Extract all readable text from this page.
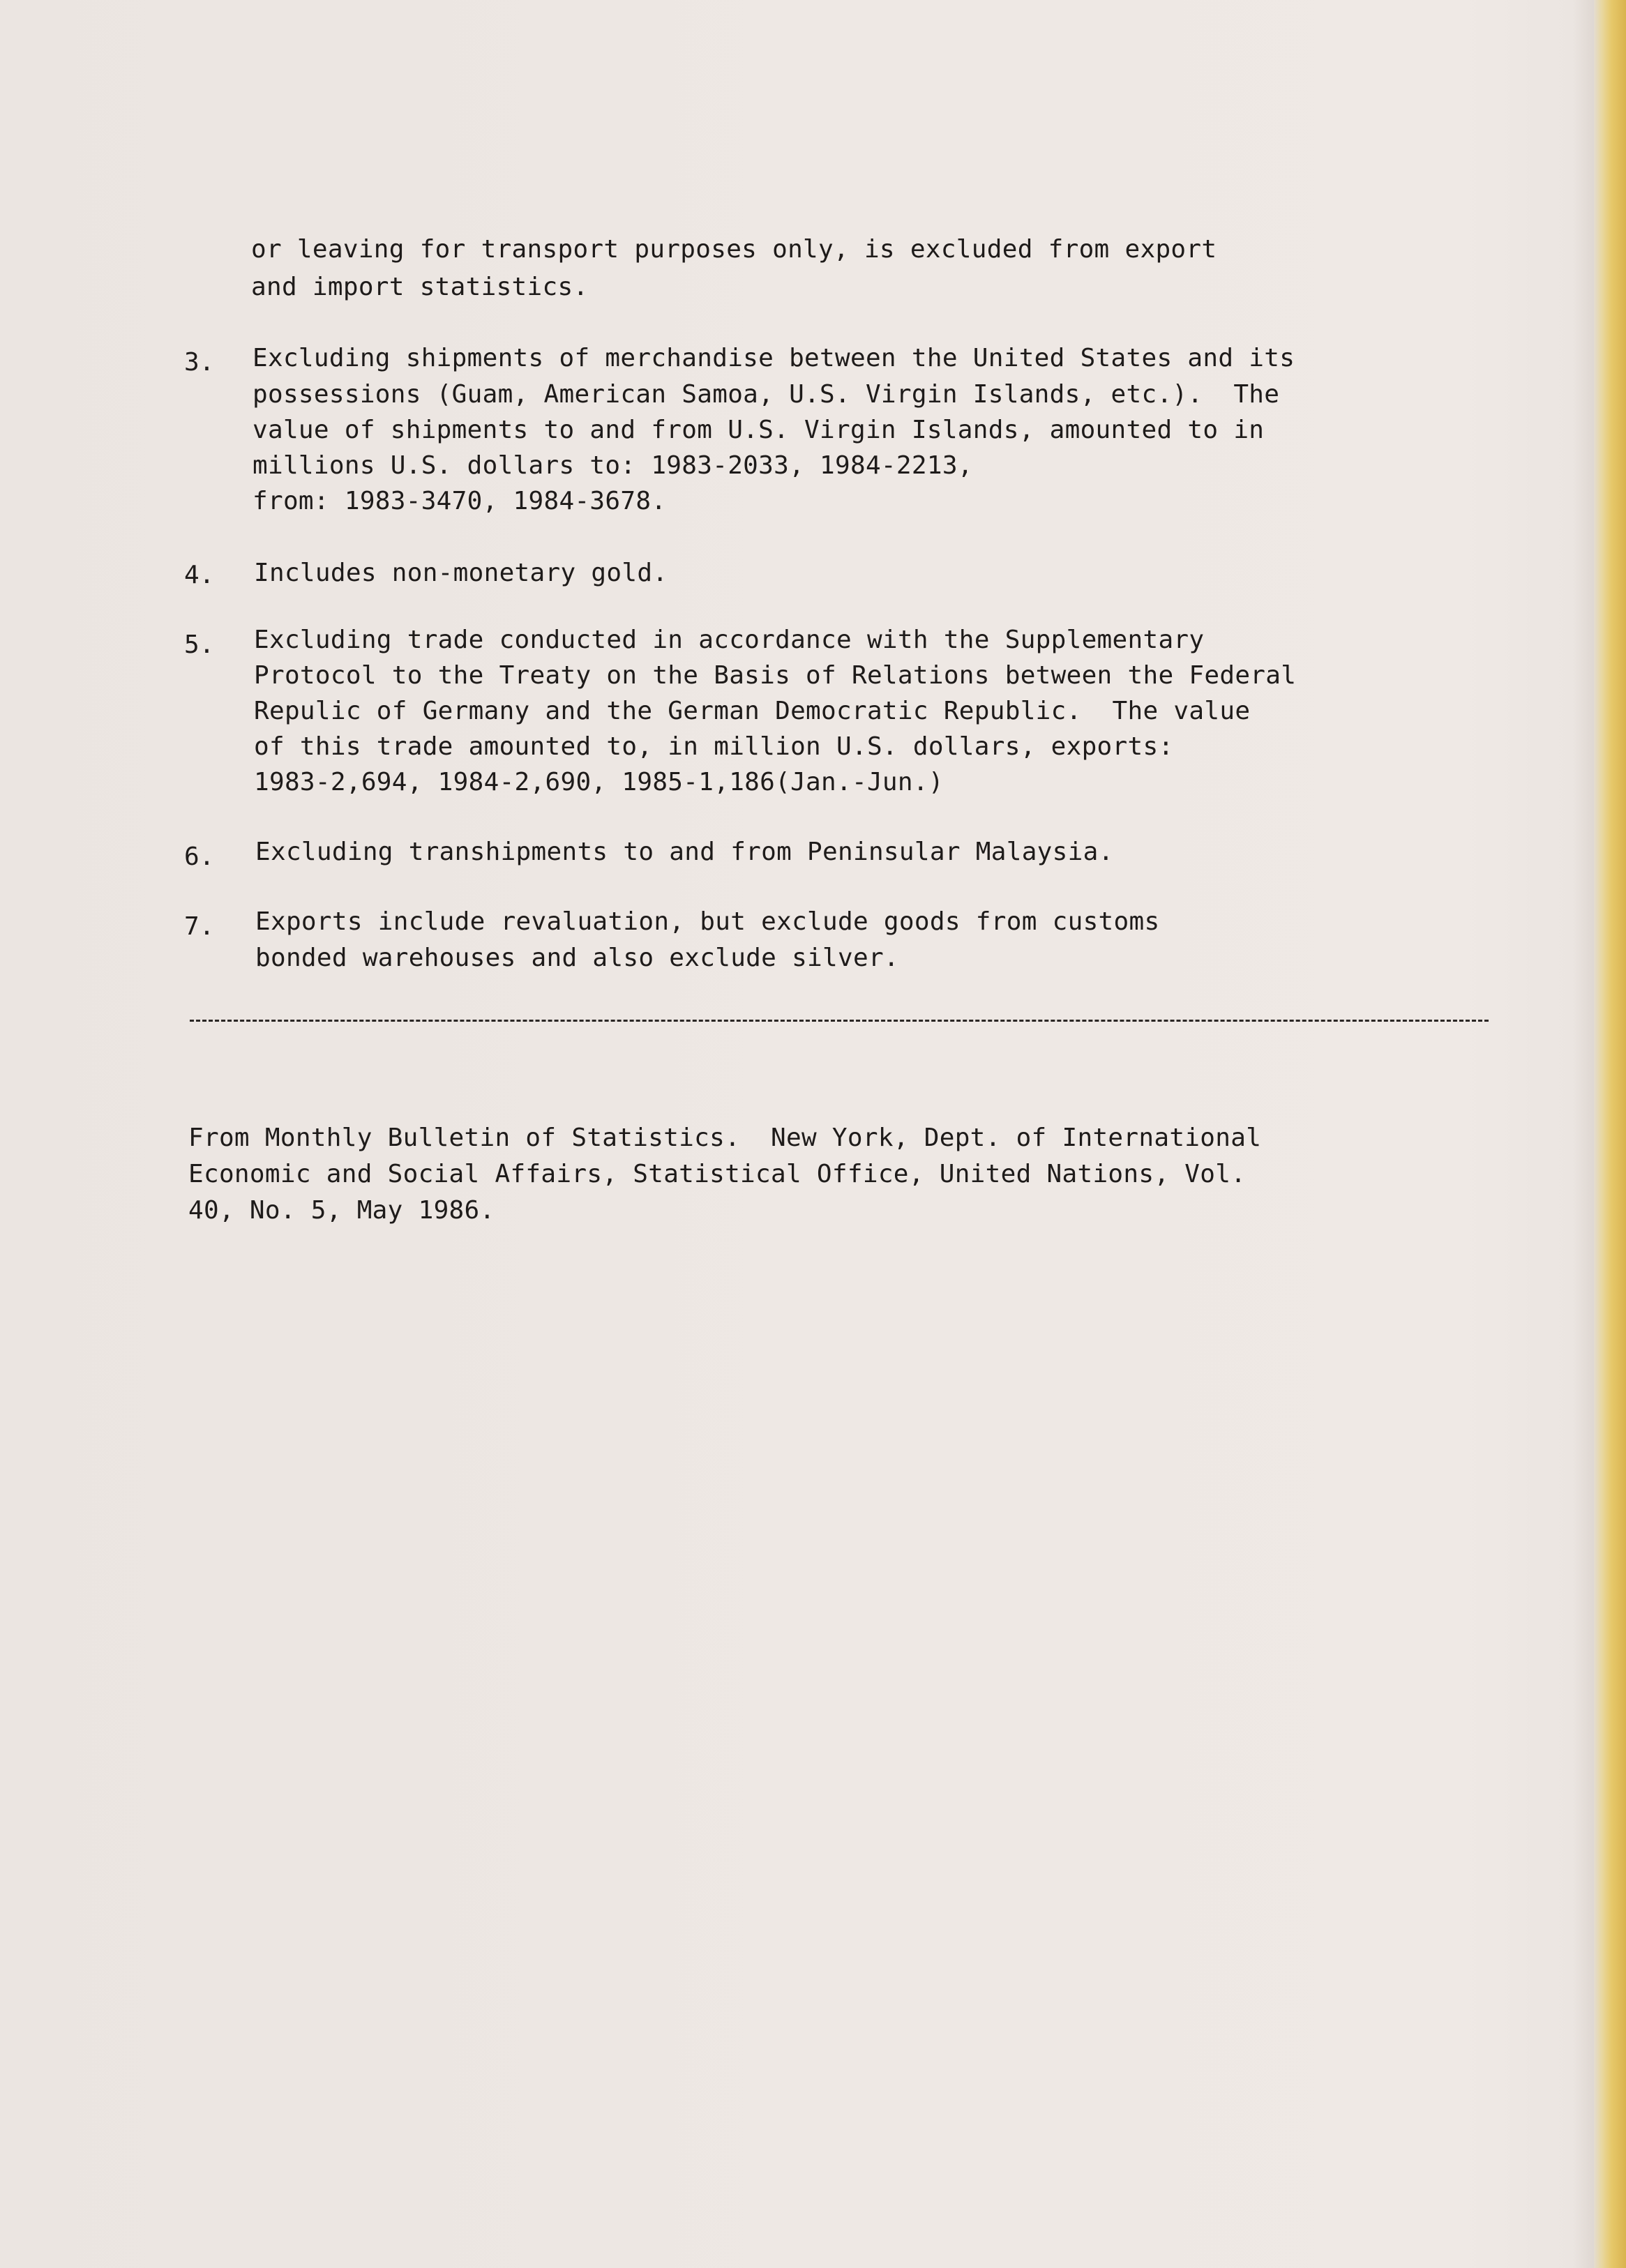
or leaving for transport purposes only, is excluded from export
and import statistics.
3. Excluding shipments of merchandise between the United States and its
possessions (Guam, American Samoa, U.S. Virgin Islands, etc.).  The
value of shipments to and from U.S. Virgin Islands, amounted to in
millions U.S. dollars to: 1983-2033, 1984-2213,
from: 1983-3470, 1984-3678.
4. Includes non-monetary gold.
5. Excluding trade conducted in accordance with the Supplementary
Protocol to the Treaty on the Basis of Relations between the Federal
Repulic of Germany and the German Democratic Republic.  The value
of this trade amounted to, in million U.S. dollars, exports:
1983-2,694, 1984-2,690, 1985-1,186(Jan.-Jun.)
6. Excluding transhipments to and from Peninsular Malaysia.
7. Exports include revaluation, but exclude goods from customs
bonded warehouses and also exclude silver.
From Monthly Bulletin of Statistics.  New York, Dept. of International
Economic and Social Affairs, Statistical Office, United Nations, Vol.
40, No. 5, May 1986.
